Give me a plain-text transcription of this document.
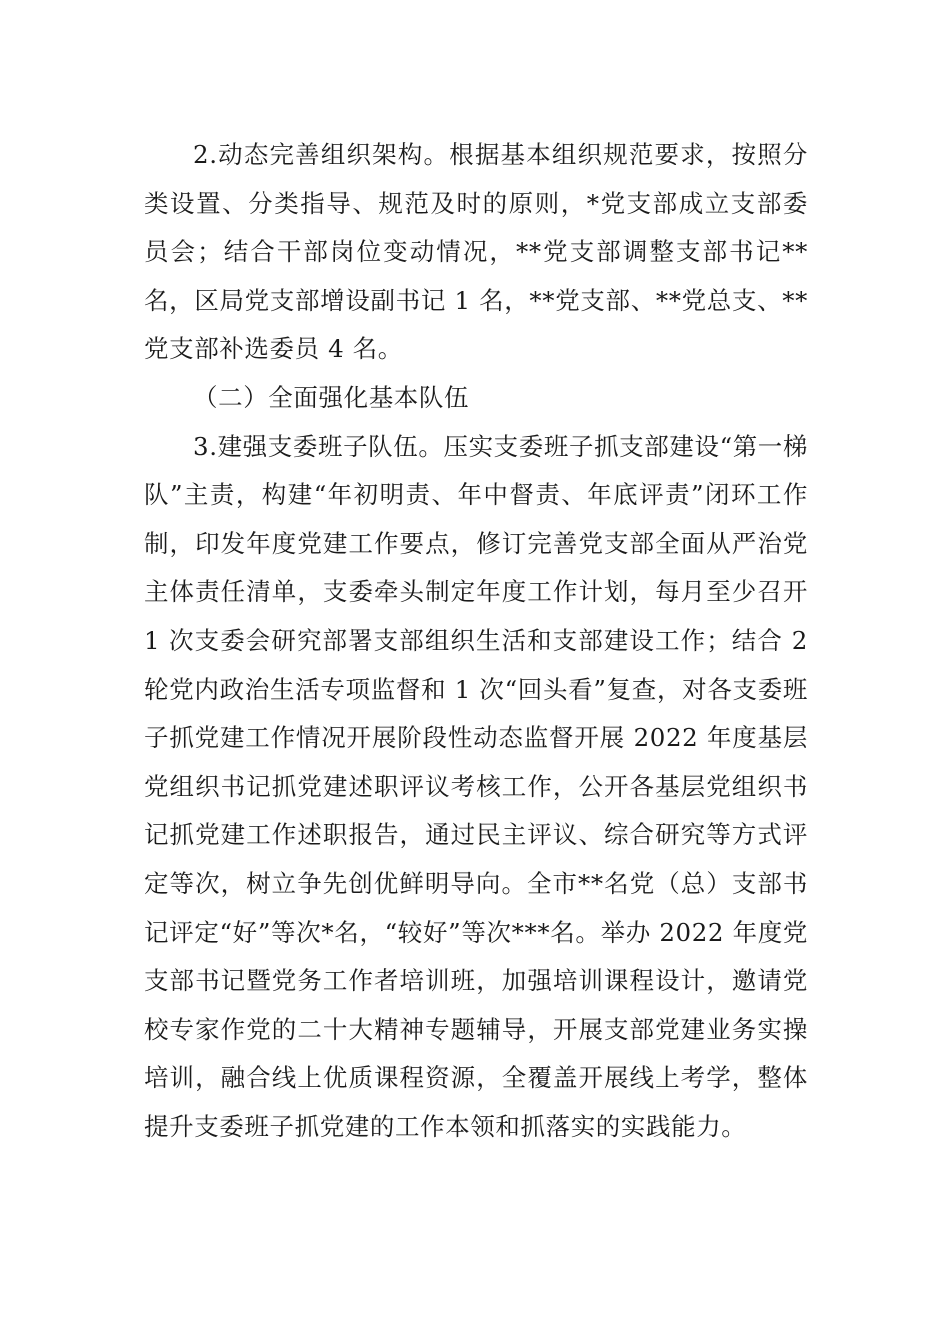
2.动态完善组织架构。根据基本组织规范要求，按照分类设置、分类指导、规范及时的原则，*党支部成立支部委员会；结合干部岗位变动情况，**党支部调整支部书记**名，区局党支部增设副书记 1 名，**党支部、**党总支、**党支部补选委员 4 名。

（二）全面强化基本队伍

3.建强支委班子队伍。压实支委班子抓支部建设“第一梯队”主责，构建“年初明责、年中督责、年底评责”闭环工作制，印发年度党建工作要点，修订完善党支部全面从严治党主体责任清单，支委牵头制定年度工作计划，每月至少召开 1 次支委会研究部署支部组织生活和支部建设工作；结合 2 轮党内政治生活专项监督和 1 次“回头看”复查，对各支委班子抓党建工作情况开展阶段性动态监督开展 2022 年度基层党组织书记抓党建述职评议考核工作，公开各基层党组织书记抓党建工作述职报告，通过民主评议、综合研究等方式评定等次，树立争先创优鲜明导向。全市**名党（总）支部书记评定“好”等次*名，“较好”等次***名。举办 2022 年度党支部书记暨党务工作者培训班，加强培训课程设计，邀请党校专家作党的二十大精神专题辅导，开展支部党建业务实操培训，融合线上优质课程资源，全覆盖开展线上考学，整体提升支委班子抓党建的工作本领和抓落实的实践能力。
